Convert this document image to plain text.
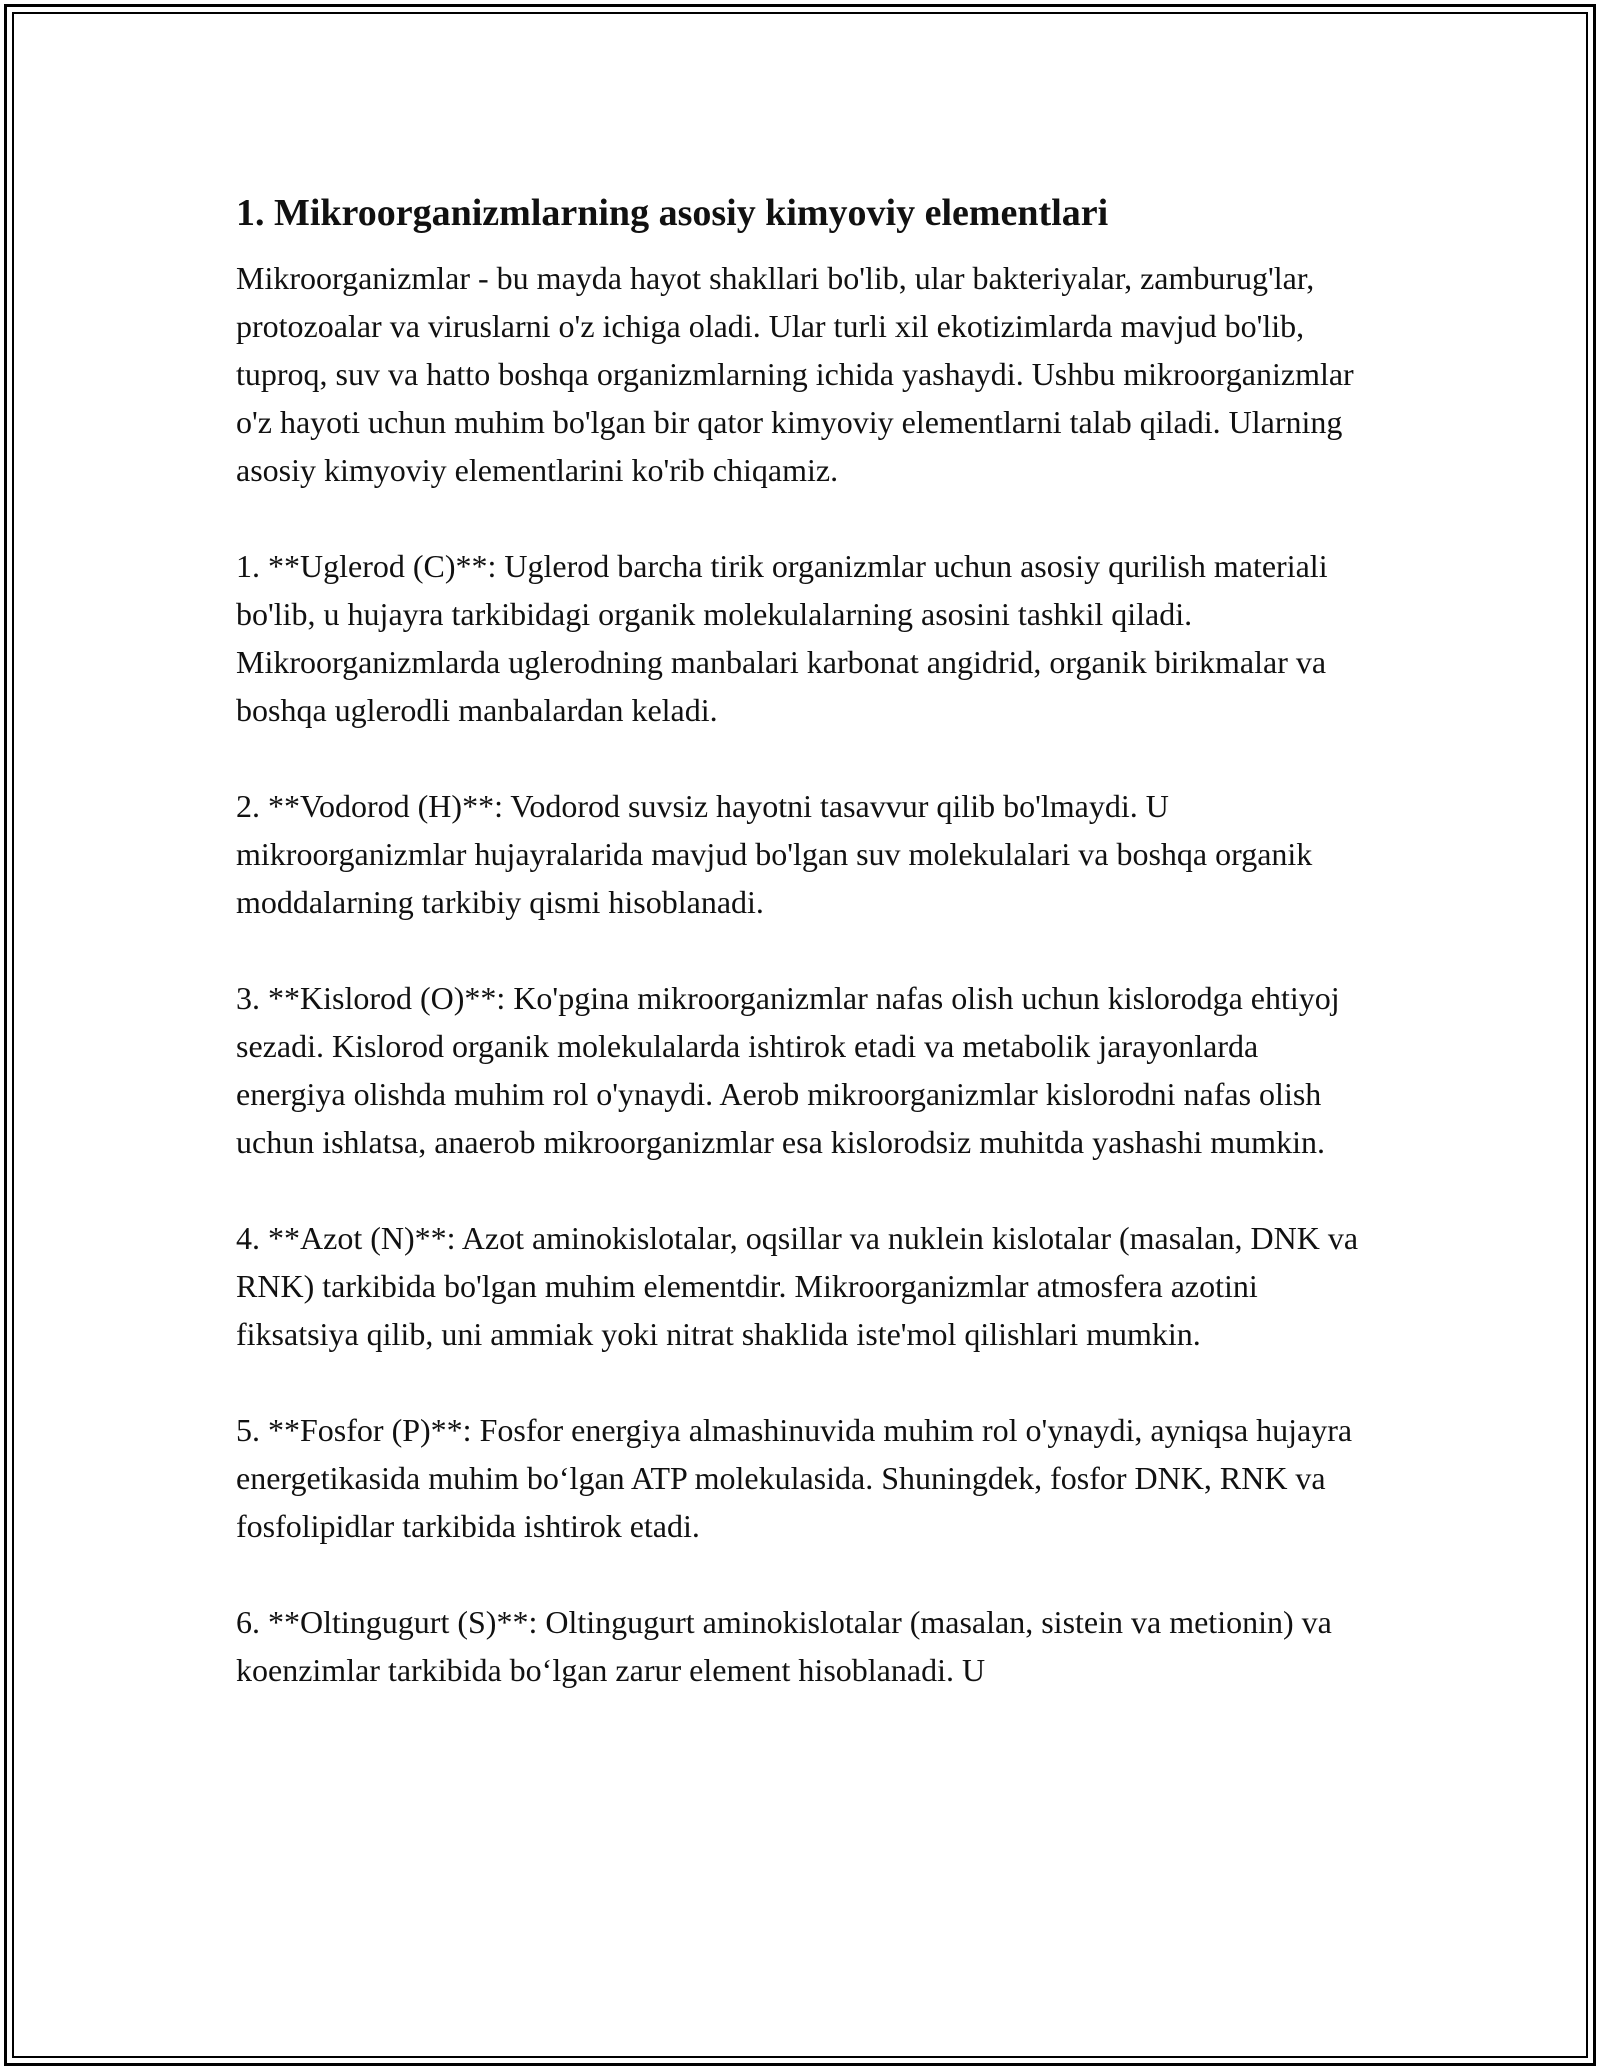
1. Mikroorganizmlarning asosiy kimyoviy elementlari

Mikroorganizmlar - bu mayda hayot shakllari bo'lib, ular bakteriyalar, zamburug'lar, protozoalar va viruslarni o'z ichiga oladi. Ular turli xil ekotizimlarda mavjud bo'lib, tuproq, suv va hatto boshqa organizmlarning ichida yashaydi. Ushbu mikroorganizmlar o'z hayoti uchun muhim bo'lgan bir qator kimyoviy elementlarni talab qiladi. Ularning asosiy kimyoviy elementlarini ko'rib chiqamiz.

1. **Uglerod (C)**: Uglerod barcha tirik organizmlar uchun asosiy qurilish materiali bo'lib, u hujayra tarkibidagi organik molekulalarning asosini tashkil qiladi. Mikroorganizmlarda uglerodning manbalari karbonat angidrid, organik birikmalar va boshqa uglerodli manbalardan keladi.

2. **Vodorod (H)**: Vodorod suvsiz hayotni tasavvur qilib bo'lmaydi. U mikroorganizmlar hujayralarida mavjud bo'lgan suv molekulalari va boshqa organik moddalarning tarkibiy qismi hisoblanadi.

3. **Kislorod (O)**: Ko'pgina mikroorganizmlar nafas olish uchun kislorodga ehtiyoj sezadi. Kislorod organik molekulalarda ishtirok etadi va metabolik jarayonlarda energiya olishda muhim rol o'ynaydi. Aerob mikroorganizmlar kislorodni nafas olish uchun ishlatsa, anaerob mikroorganizmlar esa kislorodsiz muhitda yashashi mumkin.

4. **Azot (N)**: Azot aminokislotalar, oqsillar va nuklein kislotalar (masalan, DNK va RNK) tarkibida bo'lgan muhim elementdir. Mikroorganizmlar atmosfera azotini fiksatsiya qilib, uni ammiak yoki nitrat shaklida iste'mol qilishlari mumkin.

5. **Fosfor (P)**: Fosfor energiya almashinuvida muhim rol o'ynaydi, ayniqsa hujayra energetikasida muhim bo‘lgan ATP molekulasida. Shuningdek, fosfor DNK, RNK va fosfolipidlar tarkibida ishtirok etadi.

6. **Oltingugurt (S)**: Oltingugurt aminokislotalar (masalan, sistein va metionin) va koenzimlar tarkibida bo‘lgan zarur element hisoblanadi. U
